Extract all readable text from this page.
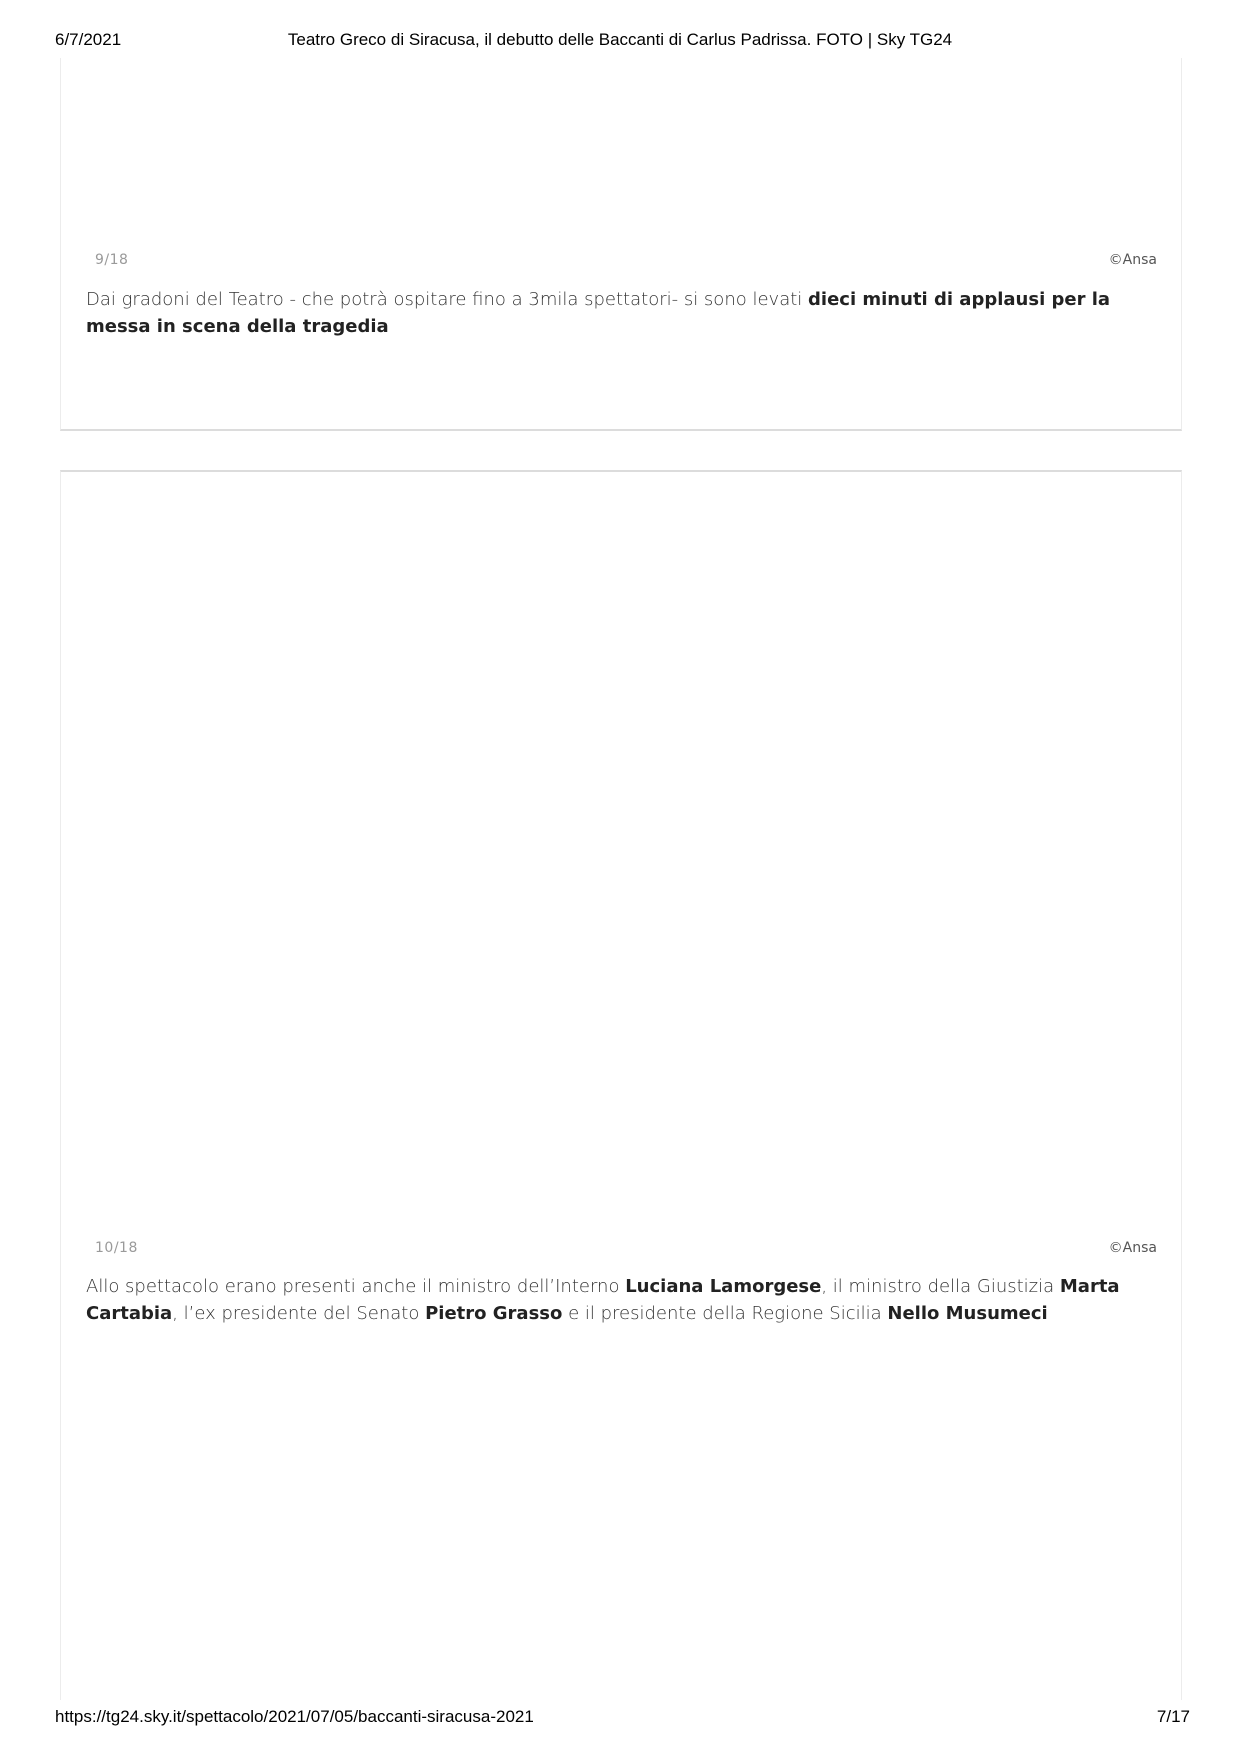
6/7/2021	Teatro Greco di Siracusa, il debutto delle Baccanti di Carlus Padrissa. FOTO | Sky TG24
9/18	©Ansa
Dai gradoni del Teatro - che potrà ospitare fino a 3mila spettatori- si sono levati dieci minuti di applausi per la messa in scena della tragedia
10/18	©Ansa
Allo spettacolo erano presenti anche il ministro dell’Interno Luciana Lamorgese, il ministro della Giustizia Marta Cartabia, l’ex presidente del Senato Pietro Grasso e il presidente della Regione Sicilia Nello Musumeci
https://tg24.sky.it/spettacolo/2021/07/05/baccanti-siracusa-2021	7/17
